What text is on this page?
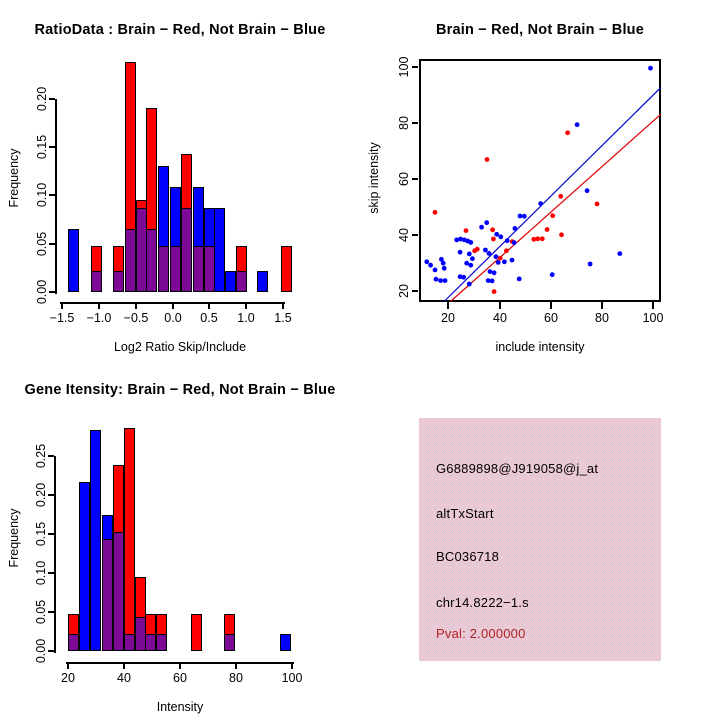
RatioData : Brain − Red, Not Brain − Blue
Frequency
Log2 Ratio Skip/Include
−1.5 −1.0 −0.5	0.0	0.5	1.0	1.5
0.00
0.05
0.10
0.15
0.20
Brain − Red, Not Brain − Blue
skip intensity
include intensity
20	40	60	80	100
20
40
60
80
100
Gene Itensity: Brain − Red, Not Brain − Blue
Frequency
Intensity
20	40	60	80	100
0.00
0.05
0.10
0.15
0.20
0.25
G6889898@J919058@j_at
altTxStart
BC036718
chr14.8222−1.s
Pval: 2.000000
